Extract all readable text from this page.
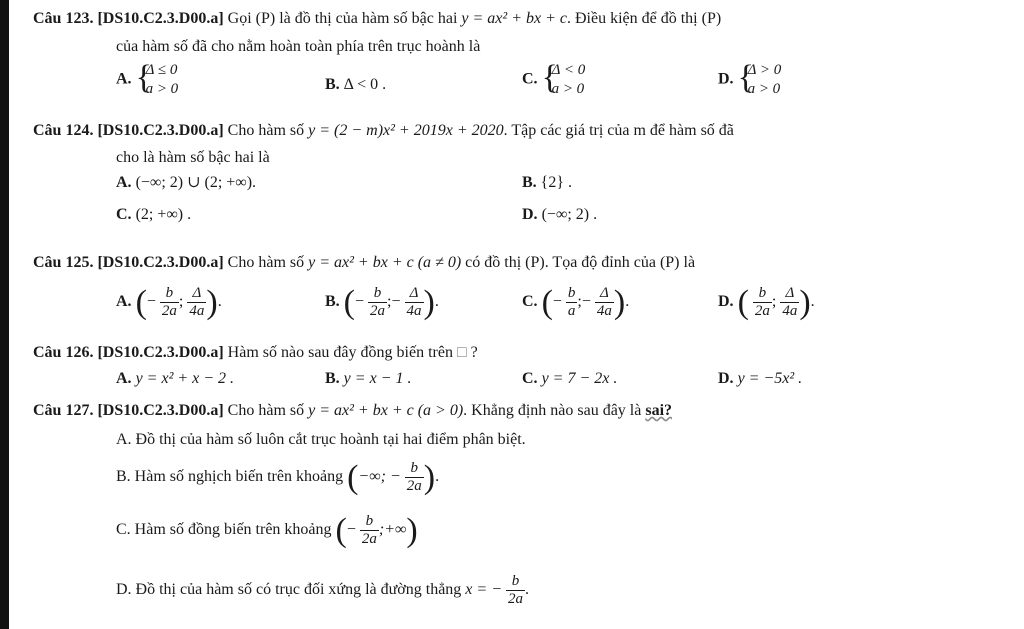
Câu 123. [DS10.C2.3.D00.a] Gọi (P) là đồ thị của hàm số bậc hai y = ax² + bx + c. Điều kiện để đồ thị (P)
của hàm số đã cho nằm hoàn toàn phía trên trục hoành là
A. {
Δ ≤ 0
a > 0	B. Δ < 0 .	C. {
Δ < 0
a > 0
D. {
Δ > 0
a > 0
Câu 124. [DS10.C2.3.D00.a] Cho hàm số y = (2 − m)x² + 2019x + 2020. Tập các giá trị của m để hàm số đã
cho là hàm số bậc hai là
A. (−∞; 2) ∪ (2; +∞).	B. {2} .
C. (2; +∞) .	D. (−∞; 2) .
Câu 125. [DS10.C2.3.D00.a] Cho hàm số y = ax² + bx + c (a ≠ 0) có đồ thị (P). Tọa độ đỉnh của (P) là
A. (− $\frac{b}{2a}$ ; $\frac{\Delta}{4a}$ ).	B. (− $\frac{b}{2a}$ ;− $\frac{\Delta}{4a}$ ).	C. (− $\frac{b}{a}$ ;− $\frac{\Delta}{4a}$ ).	D. ( $\frac{b}{2a}$ ; $\frac{\Delta}{4a}$ ).
Câu 126. [DS10.C2.3.D00.a] Hàm số nào sau đây đồng biến trên □ ?
A. y = x² + x − 2 .	B. y = x − 1 .	C. y = 7 − 2x .	D. y = −5x² .
Câu 127. [DS10.C2.3.D00.a] Cho hàm số y = ax² + bx + c (a > 0). Khẳng định nào sau đây là sai?
A. Đồ thị của hàm số luôn cắt trục hoành tại hai điểm phân biệt.
B. Hàm số nghịch biến trên khoảng (−∞; − $\frac{b}{2a}$ ).
C. Hàm số đồng biến trên khoảng (− $\frac{b}{2a}$ ;+∞)
D. Đồ thị của hàm số có trục đối xứng là đường thẳng x = − $\frac{b}{2a}$ .
